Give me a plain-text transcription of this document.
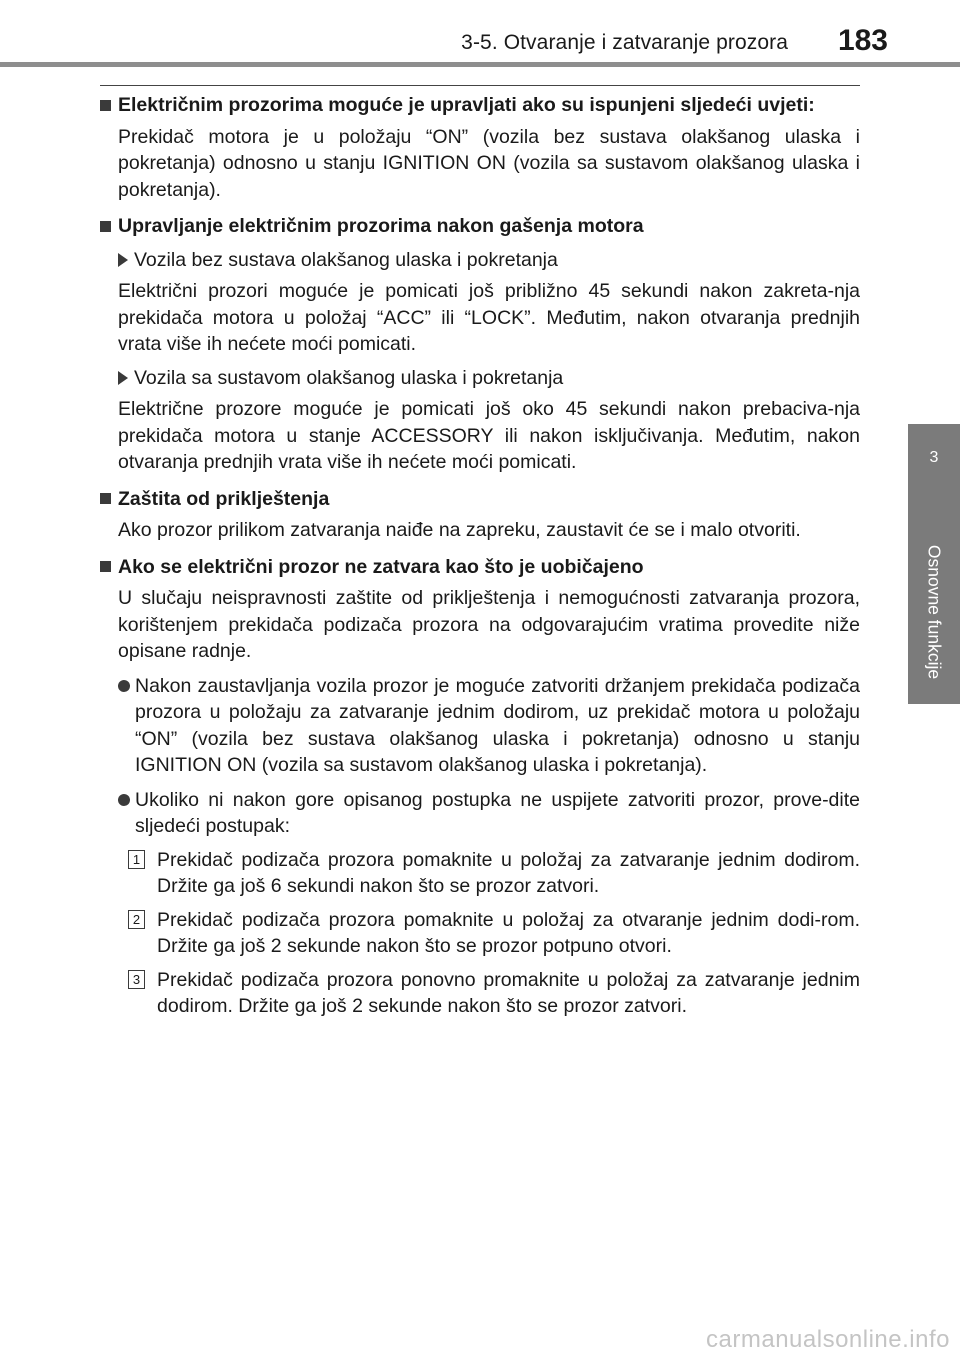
3-5. Otvaranje i zatvaranje prozora 183
3
Osnovne funkcije
Električnim prozorima moguće je upravljati ako su ispunjeni sljedeći uvjeti:
Prekidač motora je u položaju “ON” (vozila bez sustava olakšanog ulaska i pokretanja) odnosno u stanju IGNITION ON (vozila sa sustavom olakšanog ulaska i pokretanja).
Upravljanje električnim prozorima nakon gašenja motora
Vozila bez sustava olakšanog ulaska i pokretanja
Električni prozori moguće je pomicati još približno 45 sekundi nakon zakreta-nja prekidača motora u položaj “ACC” ili “LOCK”. Međutim, nakon otvaranja prednjih vrata više ih nećete moći pomicati.
Vozila sa sustavom olakšanog ulaska i pokretanja
Električne prozore moguće je pomicati još oko 45 sekundi nakon prebaciva-nja prekidača motora u stanje ACCESSORY ili nakon isključivanja. Međutim, nakon otvaranja prednjih vrata više ih nećete moći pomicati.
Zaštita od priklještenja
Ako prozor prilikom zatvaranja naiđe na zapreku, zaustavit će se i malo otvoriti.
Ako se električni prozor ne zatvara kao što je uobičajeno
U slučaju neispravnosti zaštite od priklještenja i nemogućnosti zatvaranja prozora, korištenjem prekidača podizača prozora na odgovarajućim vratima provedite niže opisane radnje.
Nakon zaustavljanja vozila prozor je moguće zatvoriti držanjem prekidača podizača prozora u položaju za zatvaranje jednim dodirom, uz prekidač motora u položaju “ON” (vozila bez sustava olakšanog ulaska i pokretanja) odnosno u stanju IGNITION ON (vozila sa sustavom olakšanog ulaska i pokretanja).
Ukoliko ni nakon gore opisanog postupka ne uspijete zatvoriti prozor, prove-dite sljedeći postupak:
1 Prekidač podizača prozora pomaknite u položaj za zatvaranje jednim dodirom. Držite ga još 6 sekundi nakon što se prozor zatvori.
2 Prekidač podizača prozora pomaknite u položaj za otvaranje jednim dodi-rom. Držite ga još 2 sekunde nakon što se prozor potpuno otvori.
3 Prekidač podizača prozora ponovno promaknite u položaj za zatvaranje jednim dodirom. Držite ga još 2 sekunde nakon što se prozor zatvori.
carmanualsonline.info
